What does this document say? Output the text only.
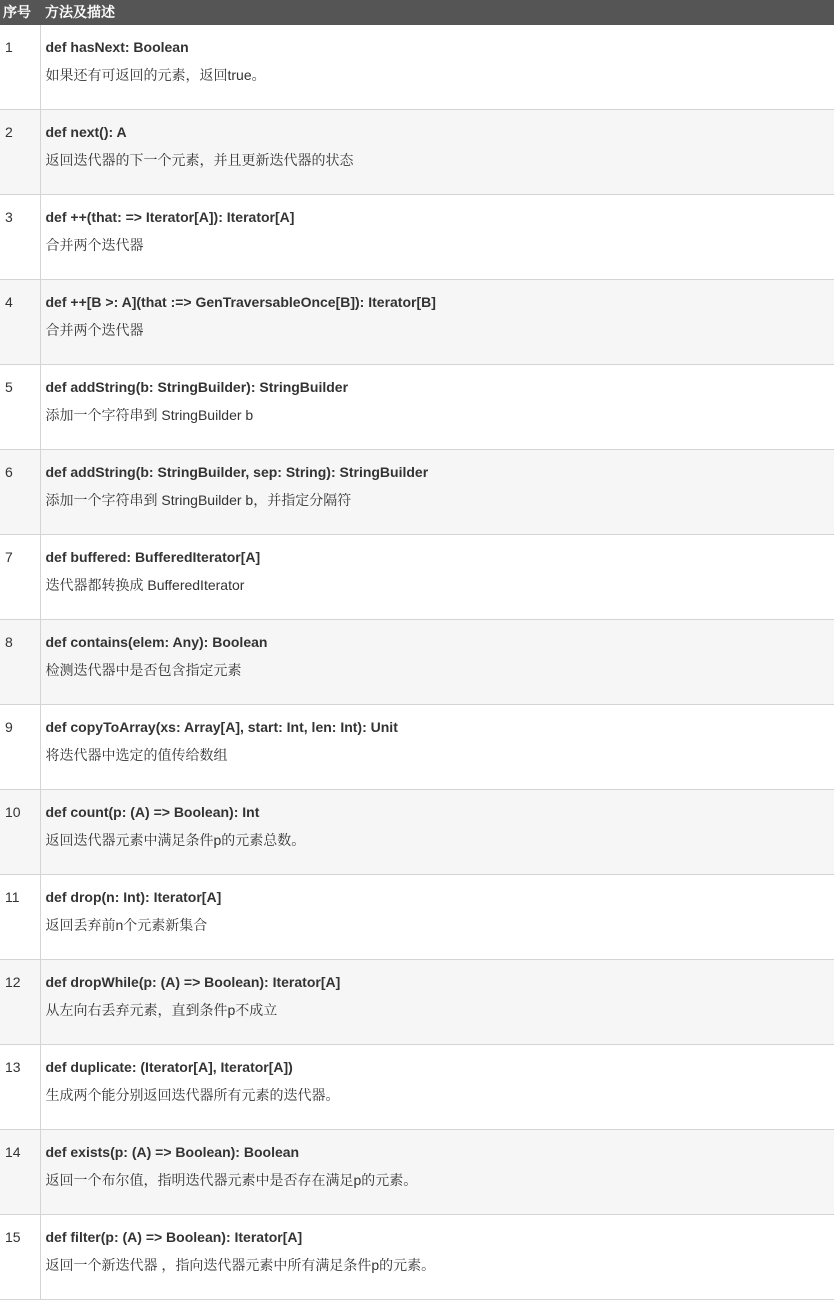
序号	方法及描述
1	def hasNext: Boolean
如果还有可返回的元素，返回true。

2	def next(): A
返回迭代器的下一个元素，并且更新迭代器的状态

3	def ++(that: => Iterator[A]): Iterator[A]
合并两个迭代器

4	def ++[B >: A](that :=> GenTraversableOnce[B]): Iterator[B]
合并两个迭代器

5	def addString(b: StringBuilder): StringBuilder
添加一个字符串到 StringBuilder b

6	def addString(b: StringBuilder, sep: String): StringBuilder
添加一个字符串到 StringBuilder b，并指定分隔符

7	def buffered: BufferedIterator[A]
迭代器都转换成 BufferedIterator

8	def contains(elem: Any): Boolean
检测迭代器中是否包含指定元素

9	def copyToArray(xs: Array[A], start: Int, len: Int): Unit
将迭代器中选定的值传给数组

10	def count(p: (A) => Boolean): Int
返回迭代器元素中满足条件p的元素总数。

11	def drop(n: Int): Iterator[A]
返回丢弃前n个元素新集合

12	def dropWhile(p: (A) => Boolean): Iterator[A]
从左向右丢弃元素，直到条件p不成立

13	def duplicate: (Iterator[A], Iterator[A])
生成两个能分别返回迭代器所有元素的迭代器。

14	def exists(p: (A) => Boolean): Boolean
返回一个布尔值，指明迭代器元素中是否存在满足p的元素。

15	def filter(p: (A) => Boolean): Iterator[A]
返回一个新迭代器 ，指向迭代器元素中所有满足条件p的元素。
